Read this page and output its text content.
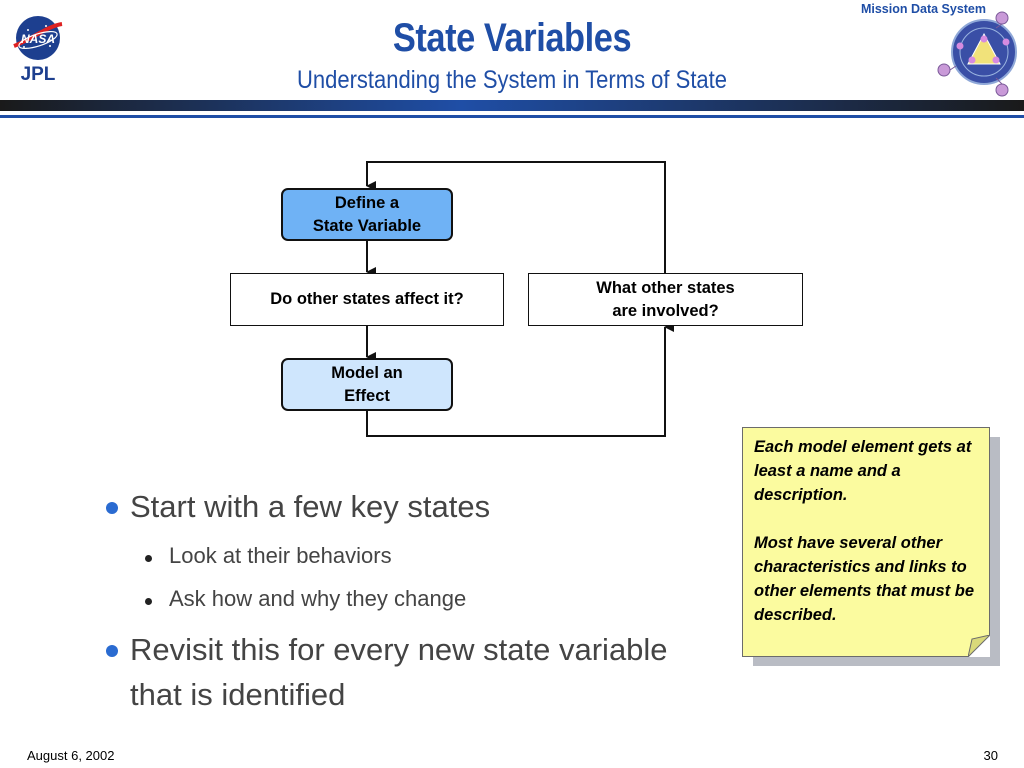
NASA
JPL
State Variables
Understanding the System in Terms of State
Mission Data System
Define a
State Variable
Do other states affect it?
What other states
are involved?
Model an
Effect
Start with a few key states
Look at their behaviors
Ask how and why they change
Revisit this for every new state variable
that is identified

Each model element gets at least a name and a description.

Most have several other characteristics and links to other elements that must be described.

August 6, 2002	30
